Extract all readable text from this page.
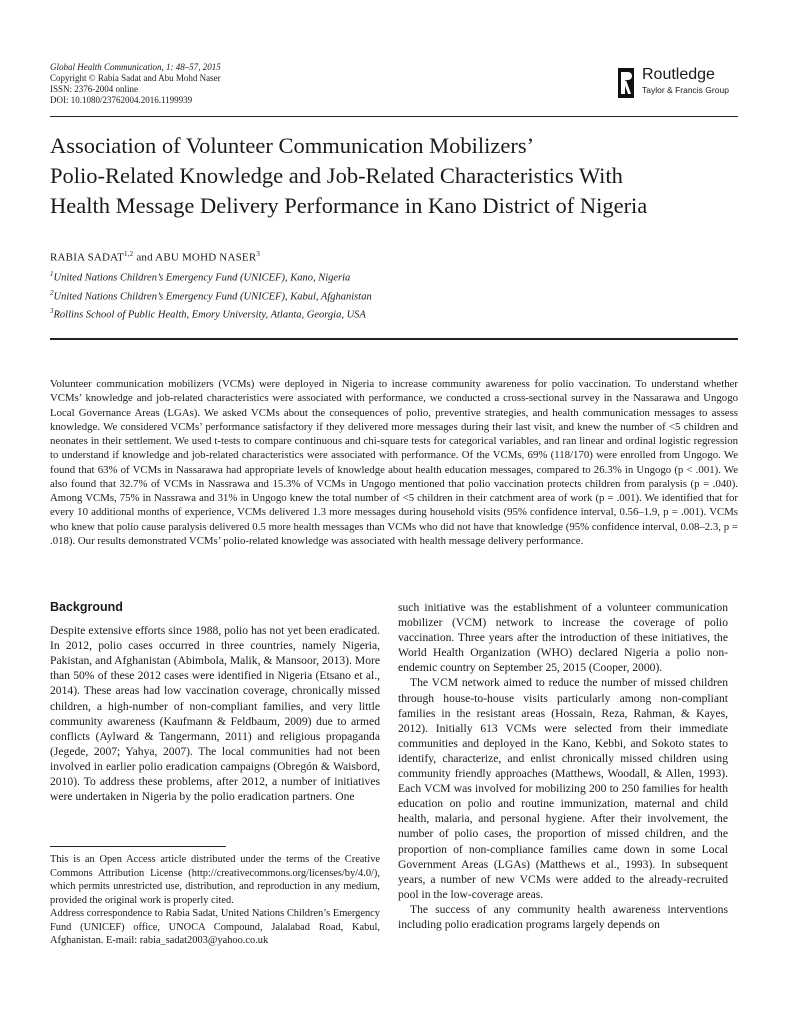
Global Health Communication, 1: 48–57, 2015
Copyright © Rabia Sadat and Abu Mohd Naser
ISSN: 2376-2004 online
DOI: 10.1080/23762004.2016.1199939
Routledge
Taylor & Francis Group
Association of Volunteer Communication Mobilizers’
Polio-Related Knowledge and Job-Related Characteristics With
Health Message Delivery Performance in Kano District of Nigeria
RABIA SADAT$^{1,2}$ and ABU MOHD NASER$^3$
$^1$United Nations Children’s Emergency Fund (UNICEF), Kano, Nigeria
$^2$United Nations Children’s Emergency Fund (UNICEF), Kabul, Afghanistan
$^3$Rollins School of Public Health, Emory University, Atlanta, Georgia, USA
Volunteer communication mobilizers (VCMs) were deployed in Nigeria to increase community awareness for polio vaccination. To understand whether VCMs’ knowledge and job-related characteristics were associated with performance, we conducted a cross-sectional survey in the Nassarawa and Ungogo Local Governance Areas (LGAs). We asked VCMs about the consequences of polio, preventive strategies, and health communication messages to assess knowledge. We considered VCMs’ performance satisfactory if they delivered more messages during their last visit, and knew the number of <5 children and neonates in their settlement. We used t-tests to compare continuous and chi-square tests for categorical variables, and ran linear and ordinal logistic regression to understand if knowledge and job-related characteristics were associated with performance. Of the VCMs, 69% (118/170) were enrolled from Ungogo. We found that 63% of VCMs in Nassarawa had appropriate levels of knowledge about health education messages, compared to 26.3% in Ungogo (p < .001). We also found that 32.7% of VCMs in Nassrawa and 15.3% of VCMs in Ungogo mentioned that polio vaccination protects children from paralysis (p = .040). Among VCMs, 75% in Nassrawa and 31% in Ungogo knew the total number of <5 children in their catchment area of work (p = .001). We identified that for every 10 additional months of experience, VCMs delivered 1.3 more messages during household visits (95% confidence interval, 0.56–1.9, p = .001). VCMs who knew that polio cause paralysis delivered 0.5 more health messages than VCMs who did not have that knowledge (95% confidence interval, 0.08–2.3, p = .018). Our results demonstrated VCMs’ polio-related knowledge was associated with health message delivery performance.
Background

Despite extensive efforts since 1988, polio has not yet been eradicated. In 2012, polio cases occurred in three countries, namely Nigeria, Pakistan, and Afghanistan (Abimbola, Malik, & Mansoor, 2013). More than 50% of these 2012 cases were identified in Nigeria (Etsano et al., 2014). These areas had low vaccination coverage, chronically missed children, a high-number of non-compliant families, and very little community awareness (Kaufmann & Feldbaum, 2009) due to armed conflicts (Aylward & Tangermann, 2011) and religious propaganda (Jegede, 2007; Yahya, 2007). The local communities had not been involved in earlier polio eradication campaigns (Obregón & Waisbord, 2010). To address these problems, after 2012, a number of initiatives were undertaken in Nigeria by the polio eradication partners. One

such initiative was the establishment of a volunteer communication mobilizer (VCM) network to increase the coverage of polio vaccination. Three years after the introduction of these initiatives, the World Health Organization (WHO) declared Nigeria a polio non-endemic country on September 25, 2015 (Cooper, 2000).

The VCM network aimed to reduce the number of missed children through house-to-house visits particularly among non-compliant families in the resistant areas (Hossain, Reza, Rahman, & Kayes, 2012). Initially 613 VCMs were selected from their immediate communities and deployed in the Kano, Kebbi, and Sokoto states to identify, characterize, and enlist chronically missed children using community friendly approaches (Matthews, Woodall, & Allen, 1993). Each VCM was involved for mobilizing 200 to 250 families for health education on polio and routine immunization, maternal and child health, malaria, and personal hygiene. After their involvement, the number of polio cases, the proportion of missed children, and the proportion of non-compliance families came down in some Local Government Areas (LGAs) (Matthews et al., 1993). In subsequent years, a number of new VCMs were added to the already-recruited pool in the low-coverage areas.

The success of any community health awareness interventions including polio eradication programs largely depends on

This is an Open Access article distributed under the terms of the Creative Commons Attribution License (http://creativecommons.org/licenses/by/4.0/), which permits unrestricted use, distribution, and reproduction in any medium, provided the original work is properly cited.

Address correspondence to Rabia Sadat, United Nations Children’s Emergency Fund (UNICEF) office, UNOCA Compound, Jalalabad Road, Kabul, Afghanistan. E-mail: rabia_sadat2003@yahoo.co.uk
